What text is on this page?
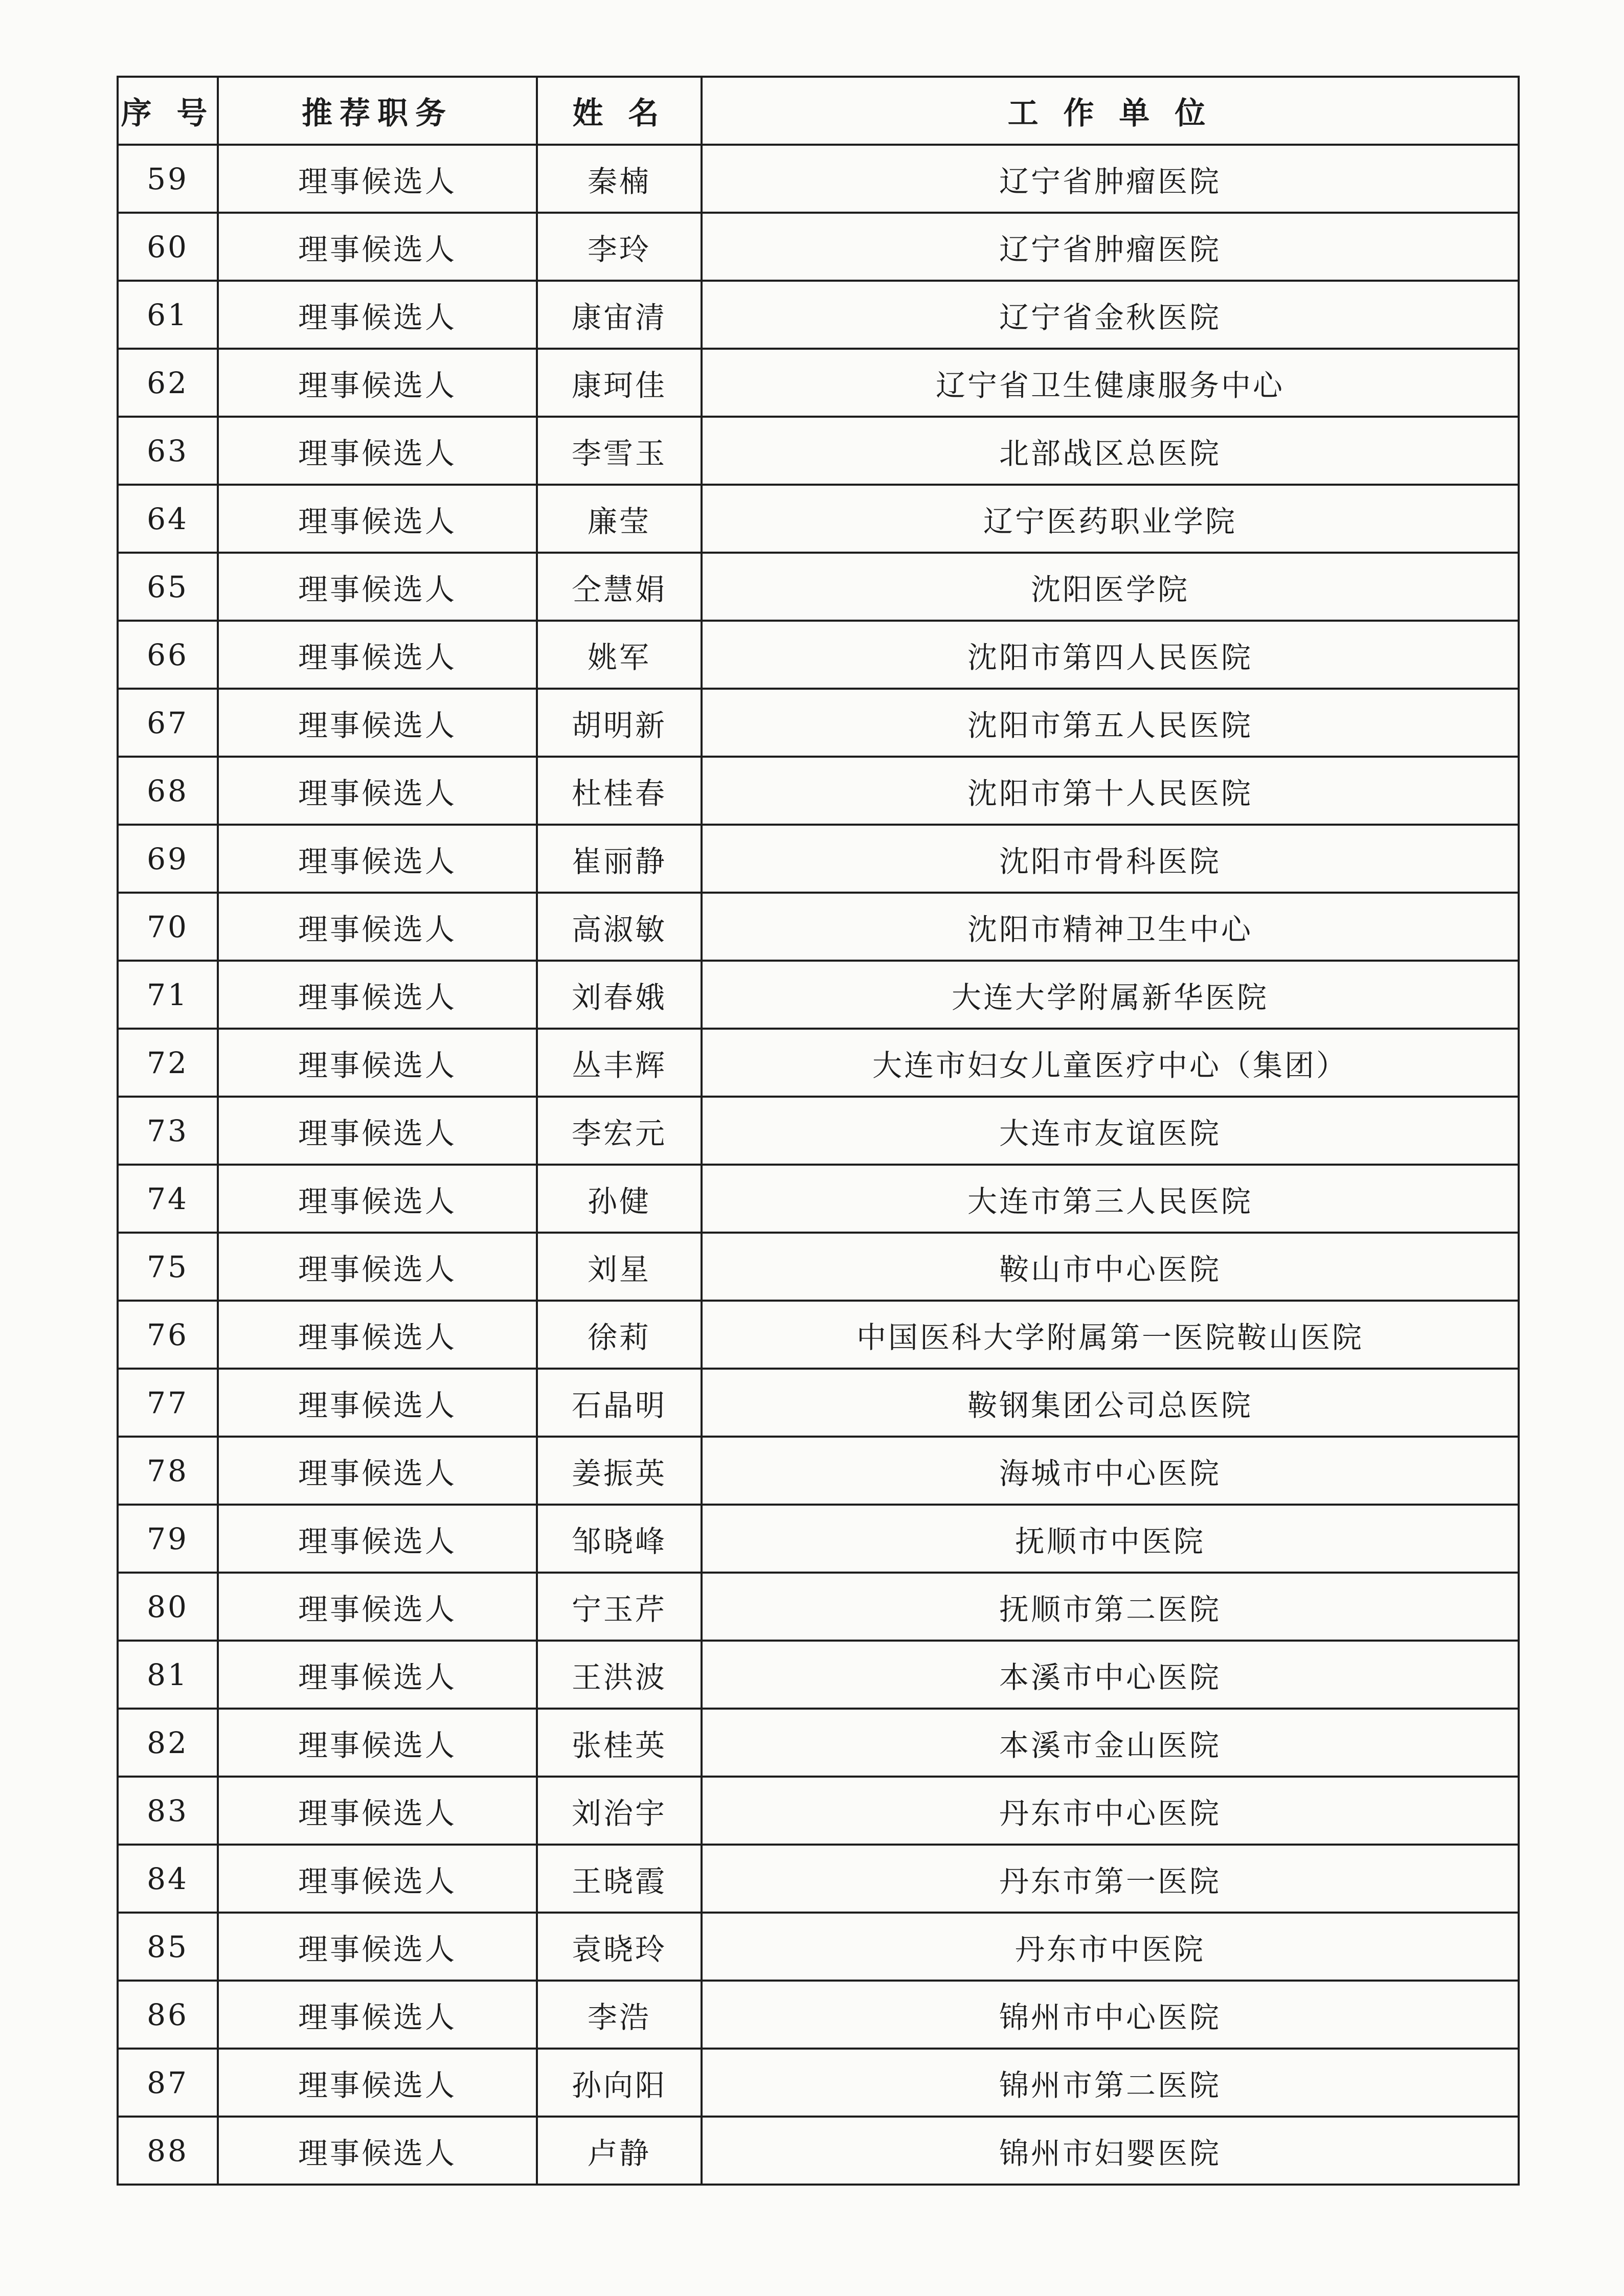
序 号	推荐职务	姓 名	工 作 单 位
59	理事候选人	秦楠	辽宁省肿瘤医院
60	理事候选人	李玲	辽宁省肿瘤医院
61	理事候选人	康宙清	辽宁省金秋医院
62	理事候选人	康珂佳	辽宁省卫生健康服务中心
63	理事候选人	李雪玉	北部战区总医院
64	理事候选人	廉莹	辽宁医药职业学院
65	理事候选人	仝慧娟	沈阳医学院
66	理事候选人	姚军	沈阳市第四人民医院
67	理事候选人	胡明新	沈阳市第五人民医院
68	理事候选人	杜桂春	沈阳市第十人民医院
69	理事候选人	崔丽静	沈阳市骨科医院
70	理事候选人	高淑敏	沈阳市精神卫生中心
71	理事候选人	刘春娥	大连大学附属新华医院
72	理事候选人	丛丰辉	大连市妇女儿童医疗中心（集团）
73	理事候选人	李宏元	大连市友谊医院
74	理事候选人	孙健	大连市第三人民医院
75	理事候选人	刘星	鞍山市中心医院
76	理事候选人	徐莉	中国医科大学附属第一医院鞍山医院
77	理事候选人	石晶明	鞍钢集团公司总医院
78	理事候选人	姜振英	海城市中心医院
79	理事候选人	邹晓峰	抚顺市中医院
80	理事候选人	宁玉芹	抚顺市第二医院
81	理事候选人	王洪波	本溪市中心医院
82	理事候选人	张桂英	本溪市金山医院
83	理事候选人	刘治宇	丹东市中心医院
84	理事候选人	王晓霞	丹东市第一医院
85	理事候选人	袁晓玲	丹东市中医院
86	理事候选人	李浩	锦州市中心医院
87	理事候选人	孙向阳	锦州市第二医院
88	理事候选人	卢静	锦州市妇婴医院
